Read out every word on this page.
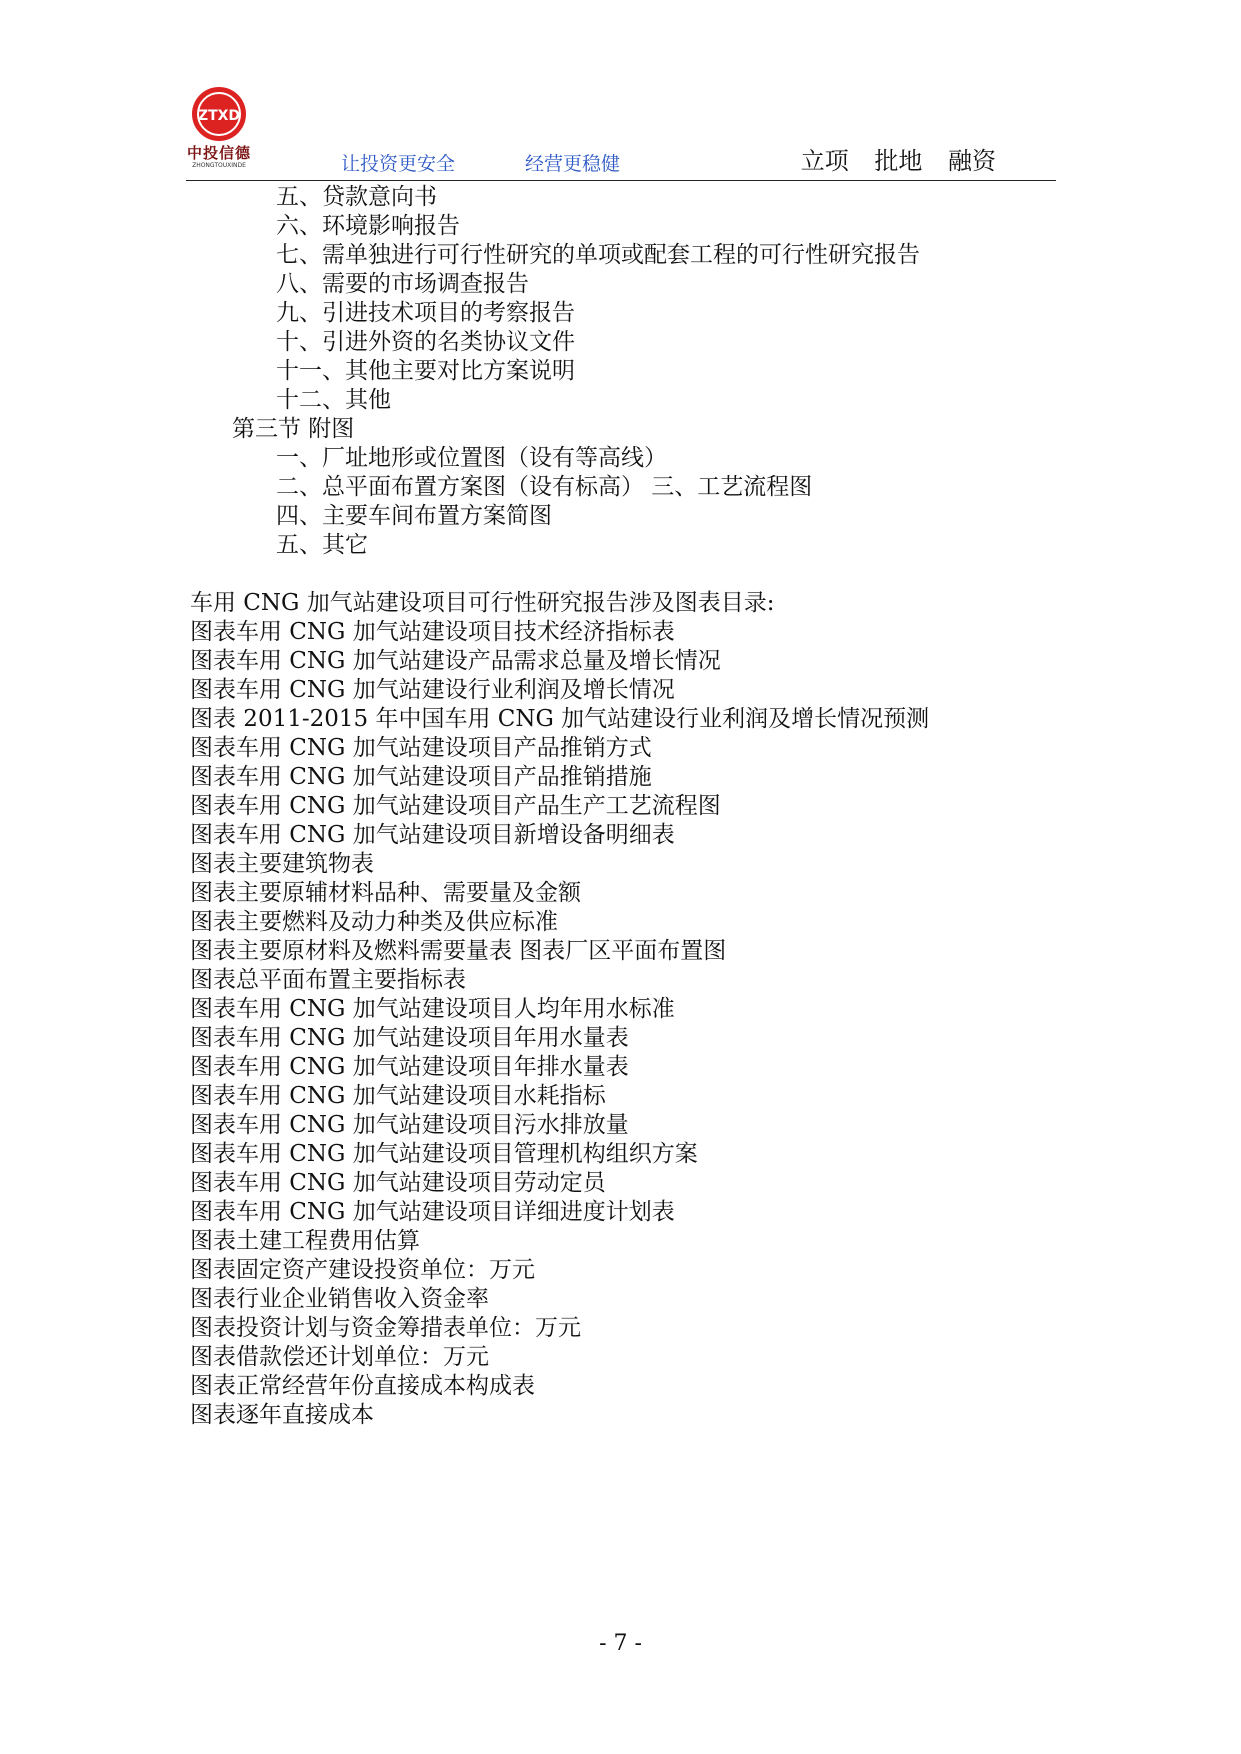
ZTXD
中投信德
ZHONGTOUXINDE	让投资更安全	经营更稳健	立项 批地 融资
五、贷款意向书
六、环境影响报告
七、需单独进行可行性研究的单项或配套工程的可行性研究报告
八、需要的市场调查报告
九、引进技术项目的考察报告
十、引进外资的名类协议文件
十一、其他主要对比方案说明
十二、其他
第三节 附图
一、厂址地形或位置图（设有等高线）
二、总平面布置方案图（设有标高） 三、工艺流程图
四、主要车间布置方案简图
五、其它
车用 CNG 加气站建设项目可行性研究报告涉及图表目录:
图表车用 CNG 加气站建设项目技术经济指标表
图表车用 CNG 加气站建设产品需求总量及增长情况
图表车用 CNG 加气站建设行业利润及增长情况
图表 2011-2015 年中国车用 CNG 加气站建设行业利润及增长情况预测
图表车用 CNG 加气站建设项目产品推销方式
图表车用 CNG 加气站建设项目产品推销措施
图表车用 CNG 加气站建设项目产品生产工艺流程图
图表车用 CNG 加气站建设项目新增设备明细表
图表主要建筑物表
图表主要原辅材料品种、需要量及金额
图表主要燃料及动力种类及供应标准
图表主要原材料及燃料需要量表 图表厂区平面布置图
图表总平面布置主要指标表
图表车用 CNG 加气站建设项目人均年用水标准
图表车用 CNG 加气站建设项目年用水量表
图表车用 CNG 加气站建设项目年排水量表
图表车用 CNG 加气站建设项目水耗指标
图表车用 CNG 加气站建设项目污水排放量
图表车用 CNG 加气站建设项目管理机构组织方案
图表车用 CNG 加气站建设项目劳动定员
图表车用 CNG 加气站建设项目详细进度计划表
图表土建工程费用估算
图表固定资产建设投资单位：万元
图表行业企业销售收入资金率
图表投资计划与资金筹措表单位：万元
图表借款偿还计划单位：万元
图表正常经营年份直接成本构成表
图表逐年直接成本
- 7 -
